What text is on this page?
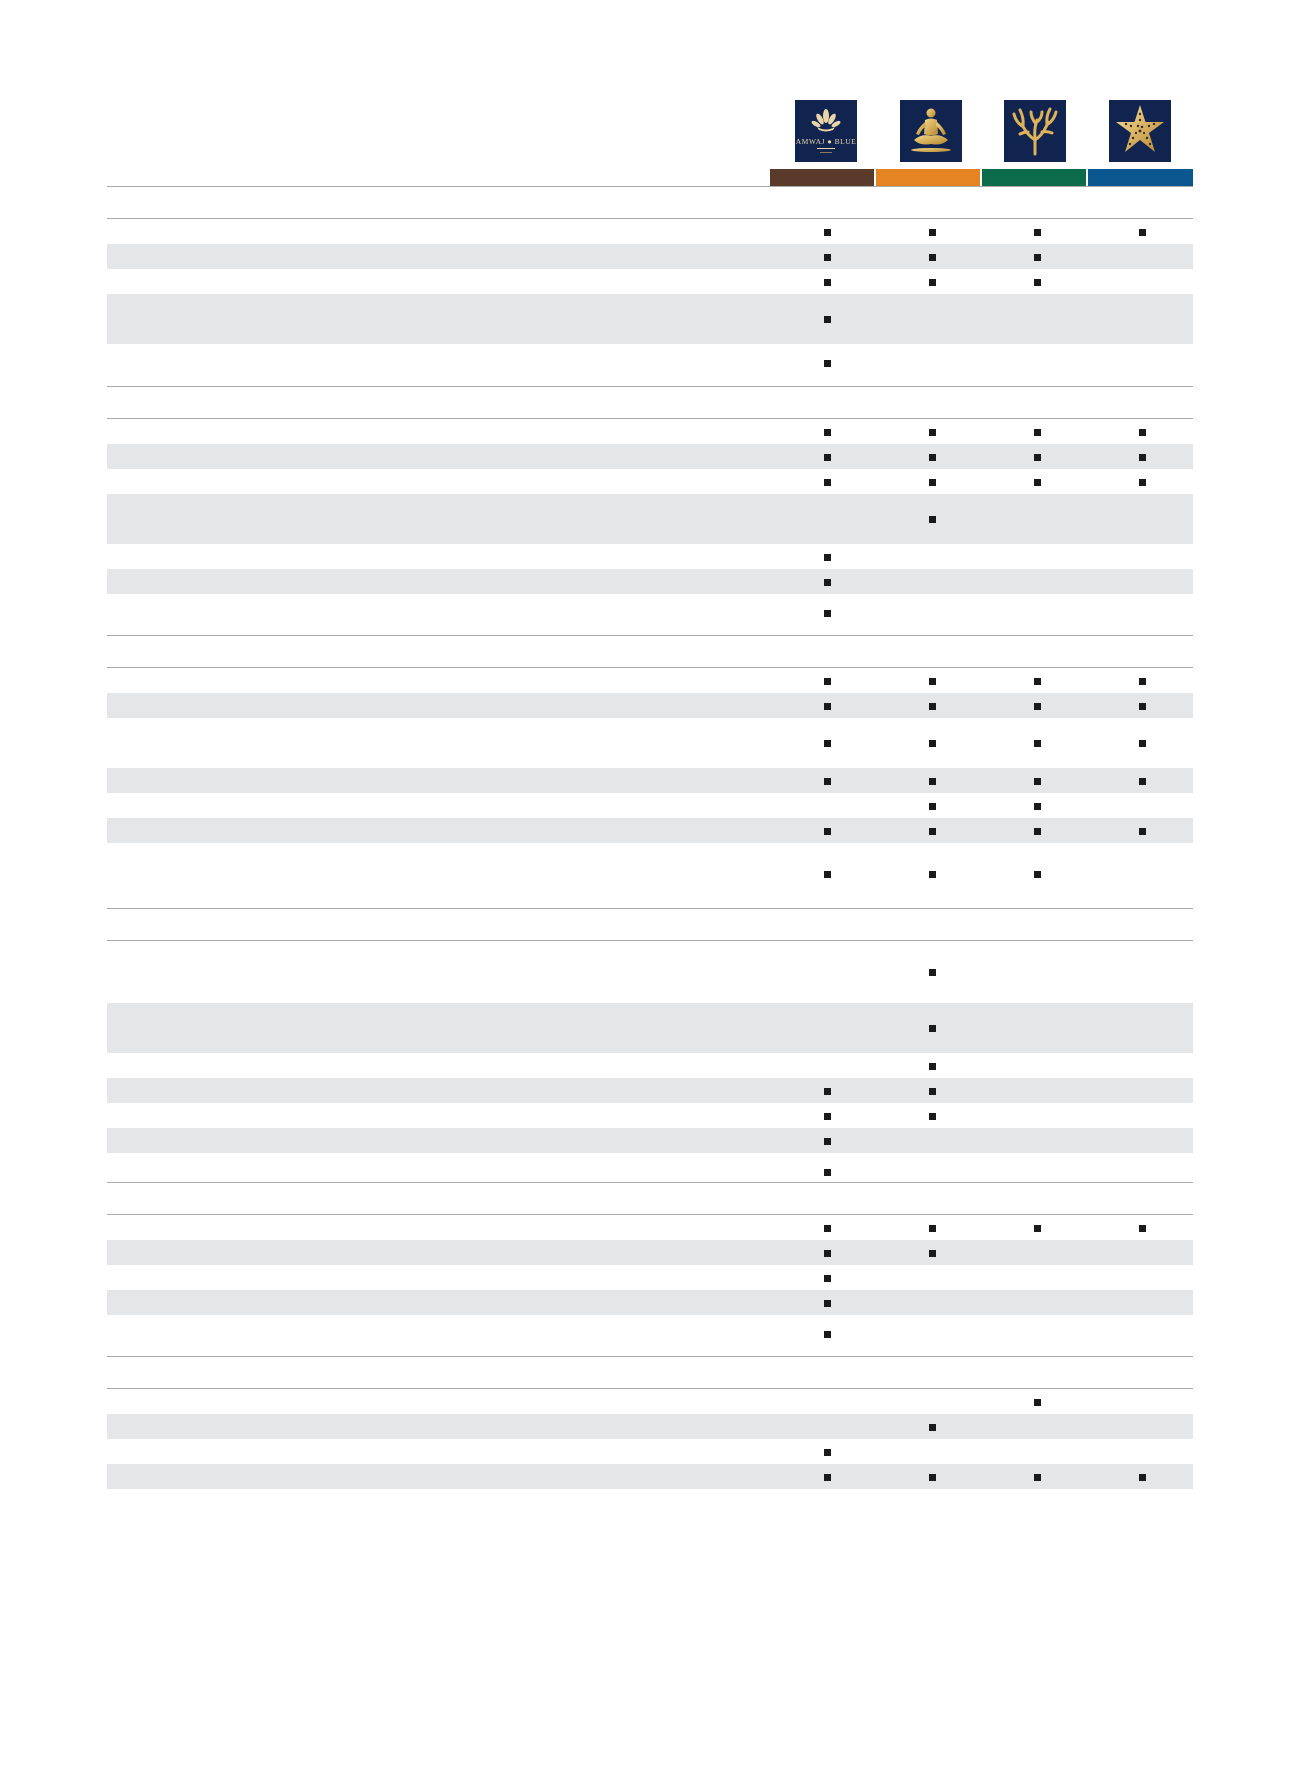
AMWAJ ● BLUE
